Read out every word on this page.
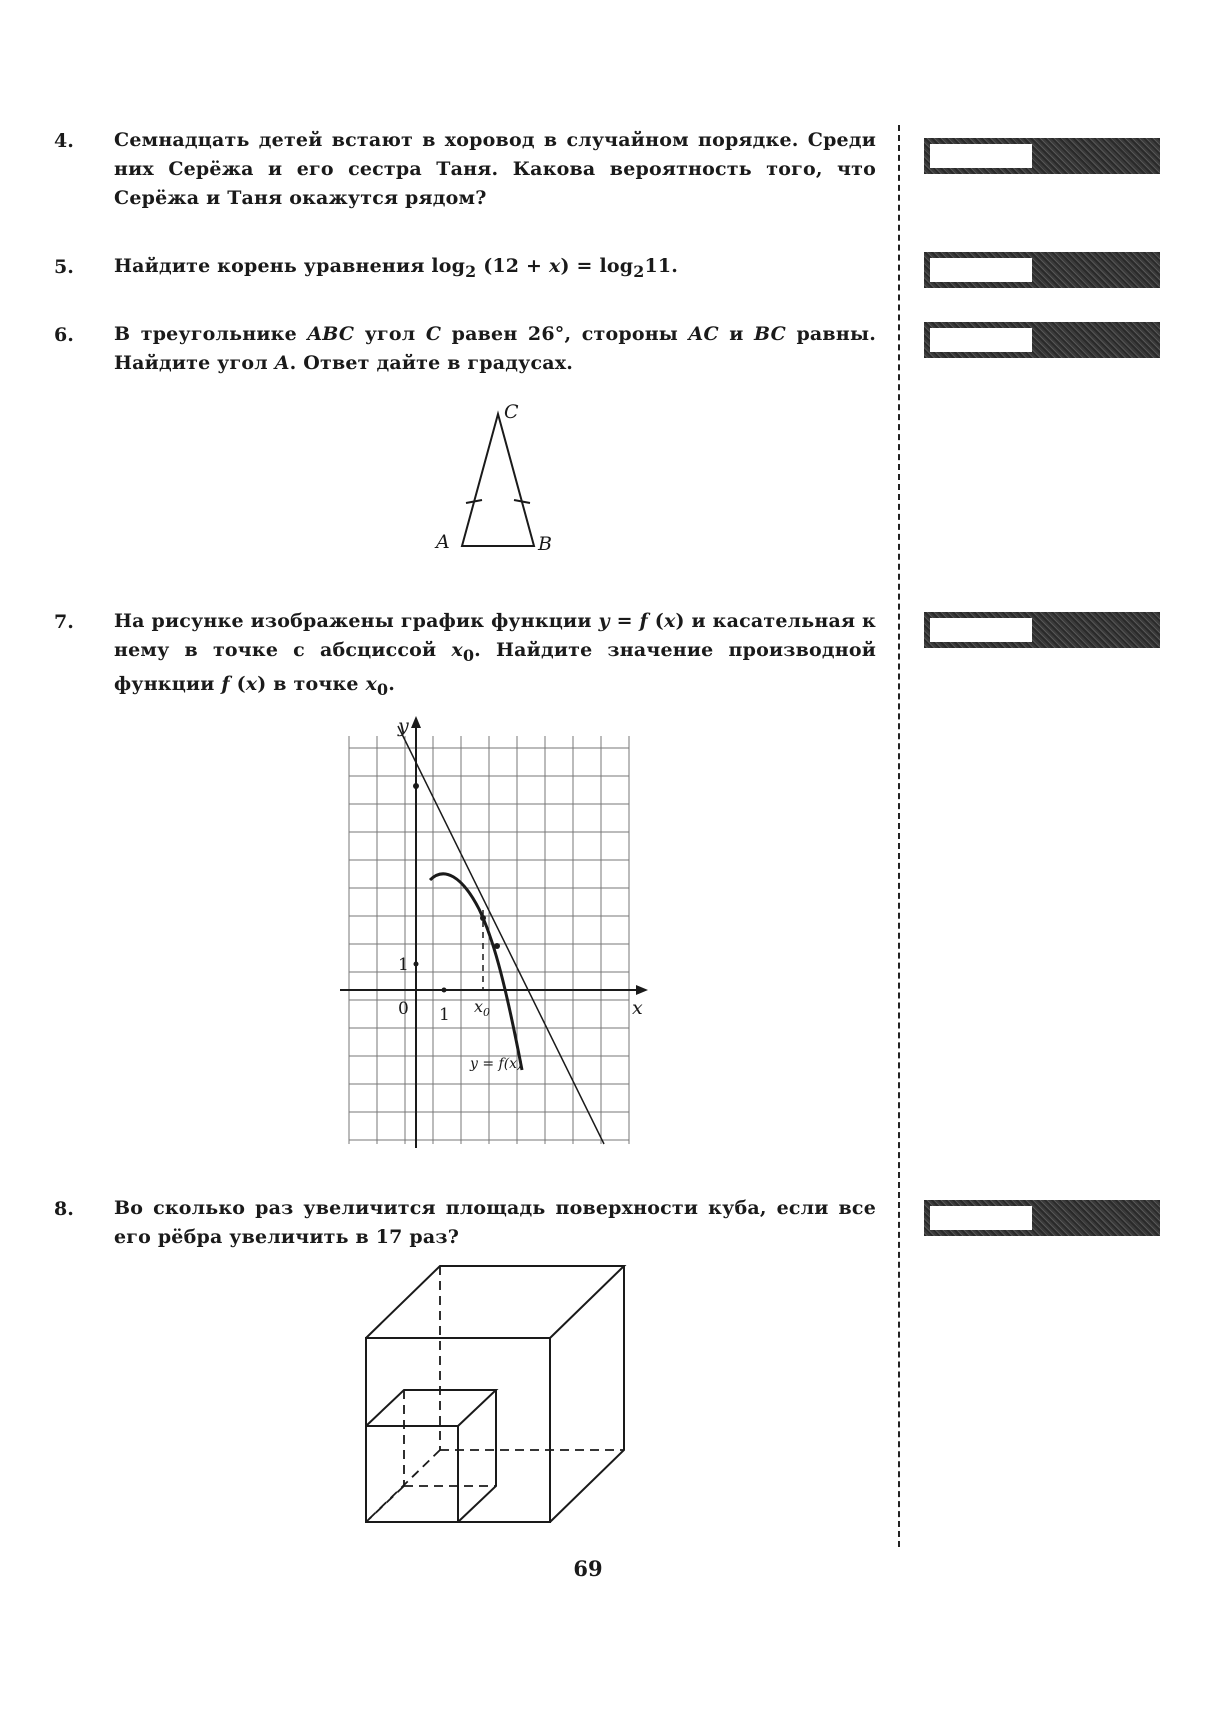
4. Семнадцать детей встают в хоровод в случайном порядке. Среди них Серёжа и его сестра Таня. Какова вероятность того, что Серёжа и Таня окажутся рядом?
5. Найдите корень уравнения $\log_2 (12 + x) = \log_211$.
6. В треугольнике ABC угол C равен 26°, стороны AC и BC равны. Найдите угол A. Ответ дайте в градусах.
C
A	B
7. На рисунке изображены график функции y = f (x) и касательная к нему в точке с абсциссой $x_0$. Найдите значение производной функции f (x) в точке $x_0$.
y
x
0 1
1
$x_0$
y = f(x)
8. Во сколько раз увеличится площадь поверхности куба, если все его рёбра увеличить в 17 раз?
69
